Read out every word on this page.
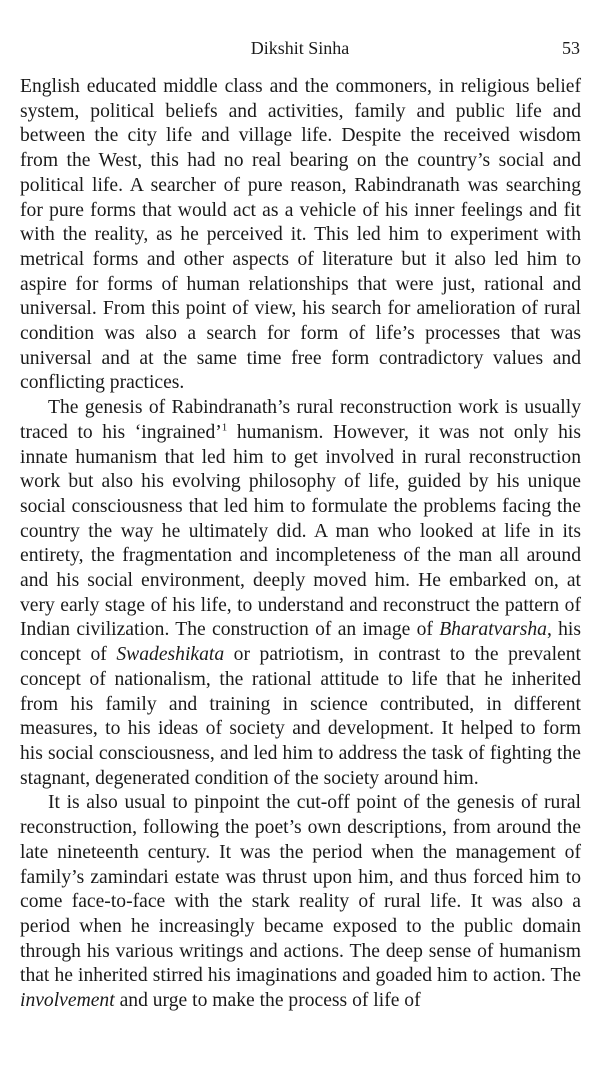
Dikshit Sinha	53

English educated middle class and the commoners, in religious belief system, political beliefs and activities, family and public life and between the city life and village life. Despite the received wisdom from the West, this had no real bearing on the country’s social and political life. A searcher of pure reason, Rabindranath was searching for pure forms that would act as a vehicle of his inner feelings and fit with the reality, as he perceived it. This led him to experiment with metrical forms and other aspects of literature but it also led him to aspire for forms of human relationships that were just, rational and universal. From this point of view, his search for amelioration of rural condition was also a search for form of life’s processes that was universal and at the same time free form contradictory values and conflicting practices.

The genesis of Rabindranath’s rural reconstruction work is usually traced to his ‘ingrained’$^1$ humanism. However, it was not only his innate humanism that led him to get involved in rural reconstruction work but also his evolving philosophy of life, guided by his unique social consciousness that led him to formulate the problems facing the country the way he ultimately did. A man who looked at life in its entirety, the fragmentation and incompleteness of the man all around and his social environment, deeply moved him. He embarked on, at very early stage of his life, to understand and reconstruct the pattern of Indian civilization. The construction of an image of Bharatvarsha, his concept of Swadeshikata or patriotism, in contrast to the prevalent concept of nationalism, the rational attitude to life that he inherited from his family and training in science contributed, in different measures, to his ideas of society and development. It helped to form his social consciousness, and led him to address the task of fighting the stagnant, degenerated condition of the society around him.

It is also usual to pinpoint the cut-off point of the genesis of rural reconstruction, following the poet’s own descriptions, from around the late nineteenth century. It was the period when the management of family’s zamindari estate was thrust upon him, and thus forced him to come face-to-face with the stark reality of rural life. It was also a period when he increasingly became exposed to the public domain through his various writings and actions. The deep sense of humanism that he inherited stirred his imaginations and goaded him to action. The involvement and urge to make the process of life of
